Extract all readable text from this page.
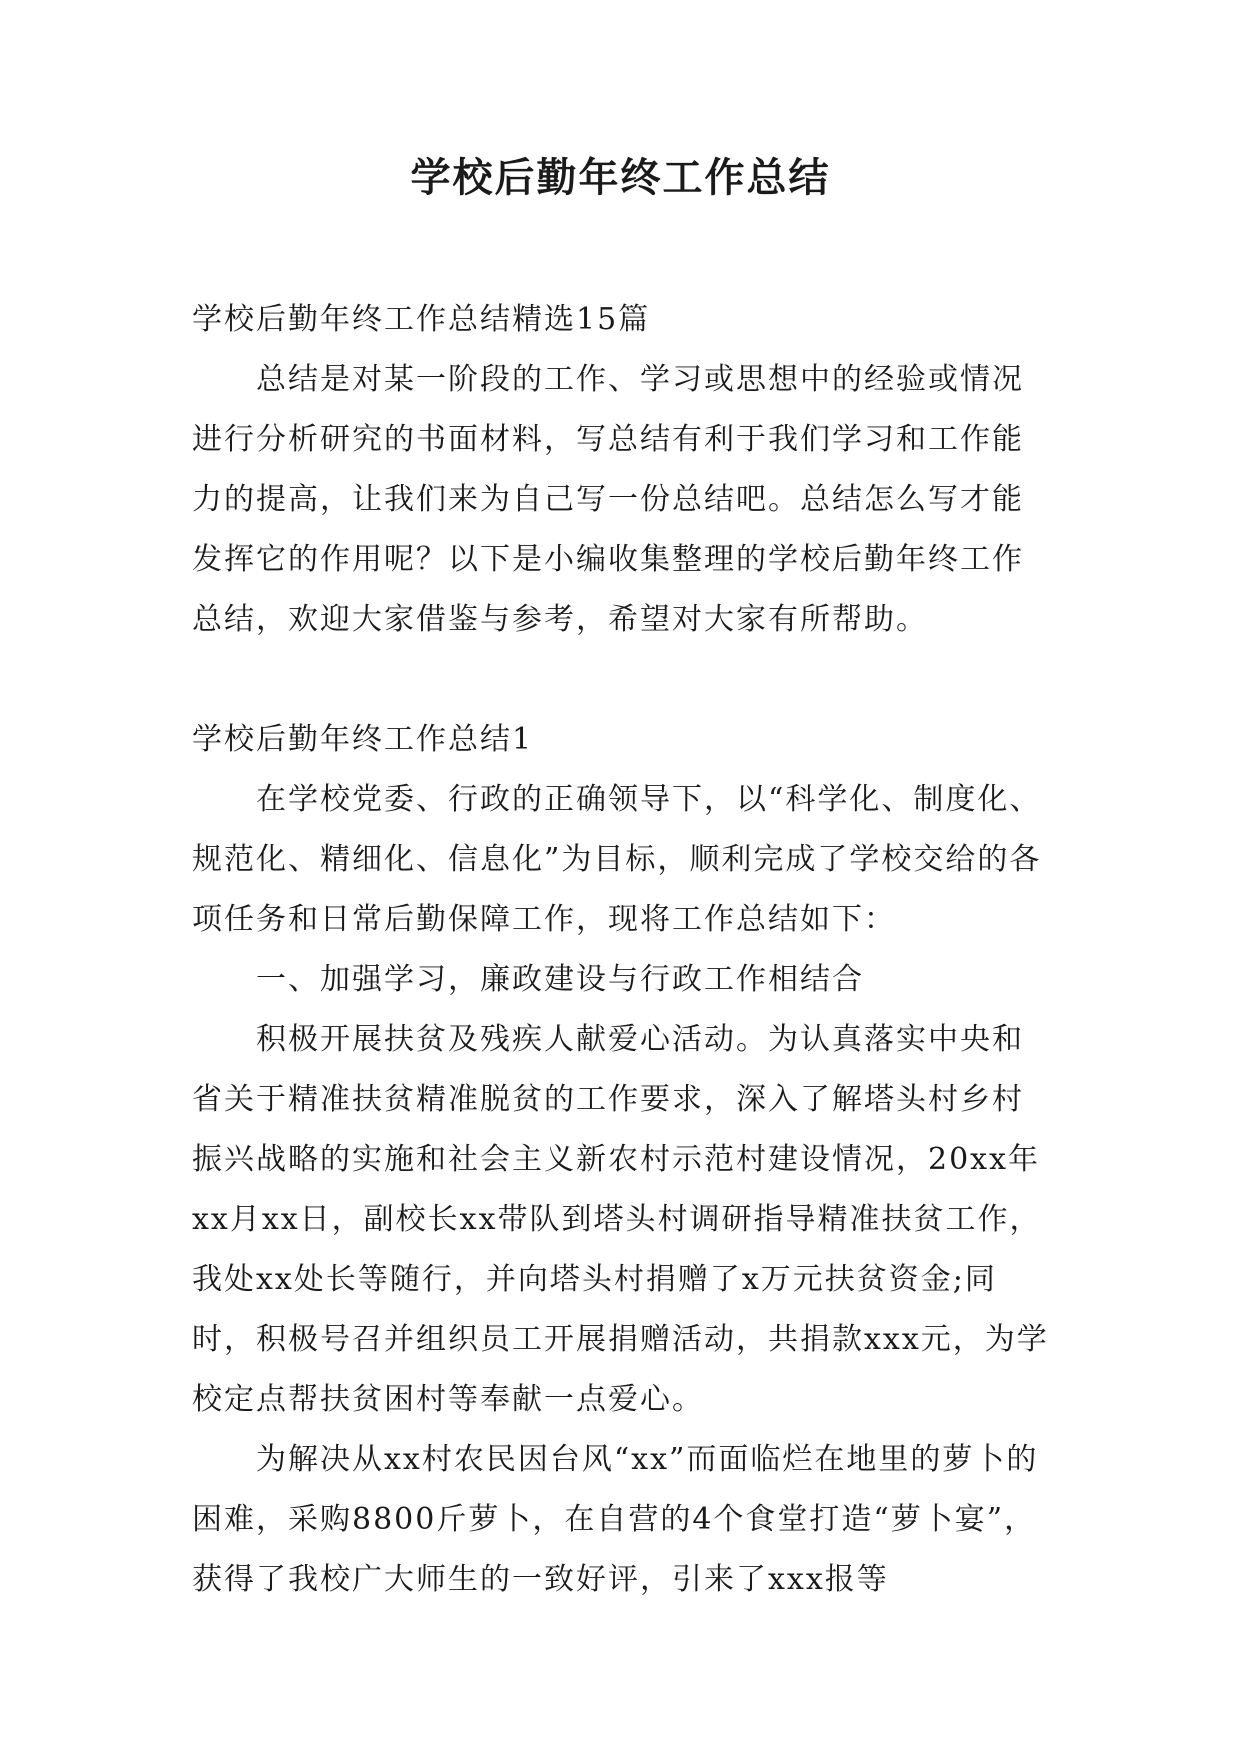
学校后勤年终工作总结

学校后勤年终工作总结精选15篇

总结是对某一阶段的工作、学习或思想中的经验或情况进行分析研究的书面材料，写总结有利于我们学习和工作能力的提高，让我们来为自己写一份总结吧。总结怎么写才能发挥它的作用呢？以下是小编收集整理的学校后勤年终工作总结，欢迎大家借鉴与参考，希望对大家有所帮助。

学校后勤年终工作总结1

在学校党委、行政的正确领导下，以“科学化、制度化、规范化、精细化、信息化”为目标，顺利完成了学校交给的各项任务和日常后勤保障工作，现将工作总结如下：

一、加强学习，廉政建设与行政工作相结合

积极开展扶贫及残疾人献爱心活动。为认真落实中央和省关于精准扶贫精准脱贫的工作要求，深入了解塔头村乡村振兴战略的实施和社会主义新农村示范村建设情况，20xx年xx月xx日，副校长xx带队到塔头村调研指导精准扶贫工作，我处xx处长等随行，并向塔头村捐赠了x万元扶贫资金;同时，积极号召并组织员工开展捐赠活动，共捐款xxx元，为学校定点帮扶贫困村等奉献一点爱心。

为解决从xx村农民因台风“xx”而面临烂在地里的萝卜的困难，采购8800斤萝卜，在自营的4个食堂打造“萝卜宴”，获得了我校广大师生的一致好评，引来了xxx报等
